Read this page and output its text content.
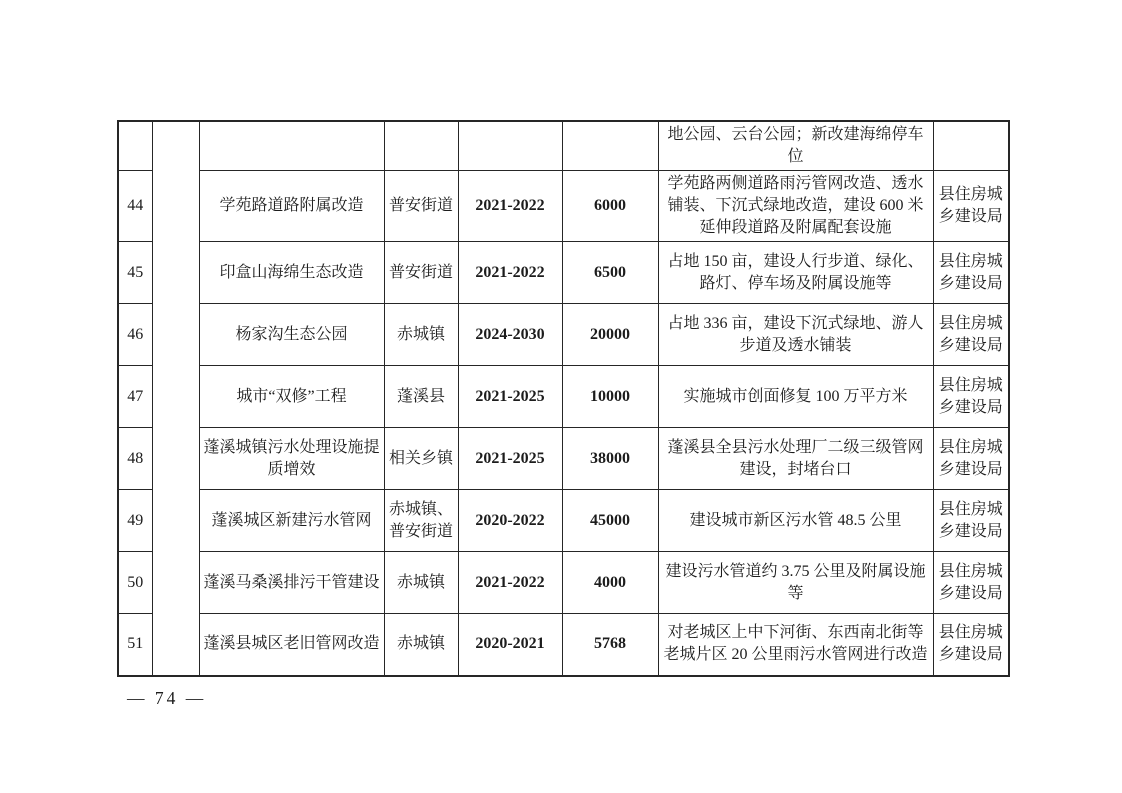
						地公园、云台公园；新改建海绵停车位	
44		学苑路道路附属改造	普安街道	2021-2022	6000	学苑路两侧道路雨污管网改造、透水铺装、下沉式绿地改造，建设 600 米延伸段道路及附属配套设施	县住房城乡建设局
45		印盒山海绵生态改造	普安街道	2021-2022	6500	占地 150 亩，建设人行步道、绿化、路灯、停车场及附属设施等	县住房城乡建设局
46		杨家沟生态公园	赤城镇	2024-2030	20000	占地 336 亩，建设下沉式绿地、游人步道及透水铺装	县住房城乡建设局
47		城市“双修”工程	蓬溪县	2021-2025	10000	实施城市创面修复 100 万平方米	县住房城乡建设局
48		蓬溪城镇污水处理设施提质增效	相关乡镇	2021-2025	38000	蓬溪县全县污水处理厂二级三级管网建设，封堵台口	县住房城乡建设局
49		蓬溪城区新建污水管网	赤城镇、普安街道	2020-2022	45000	建设城市新区污水管 48.5 公里	县住房城乡建设局
50		蓬溪马桑溪排污干管建设	赤城镇	2021-2022	4000	建设污水管道约 3.75 公里及附属设施等	县住房城乡建设局
51		蓬溪县城区老旧管网改造	赤城镇	2020-2021	5768	对老城区上中下河街、东西南北街等老城片区 20 公里雨污水管网进行改造	县住房城乡建设局
— 74 —
